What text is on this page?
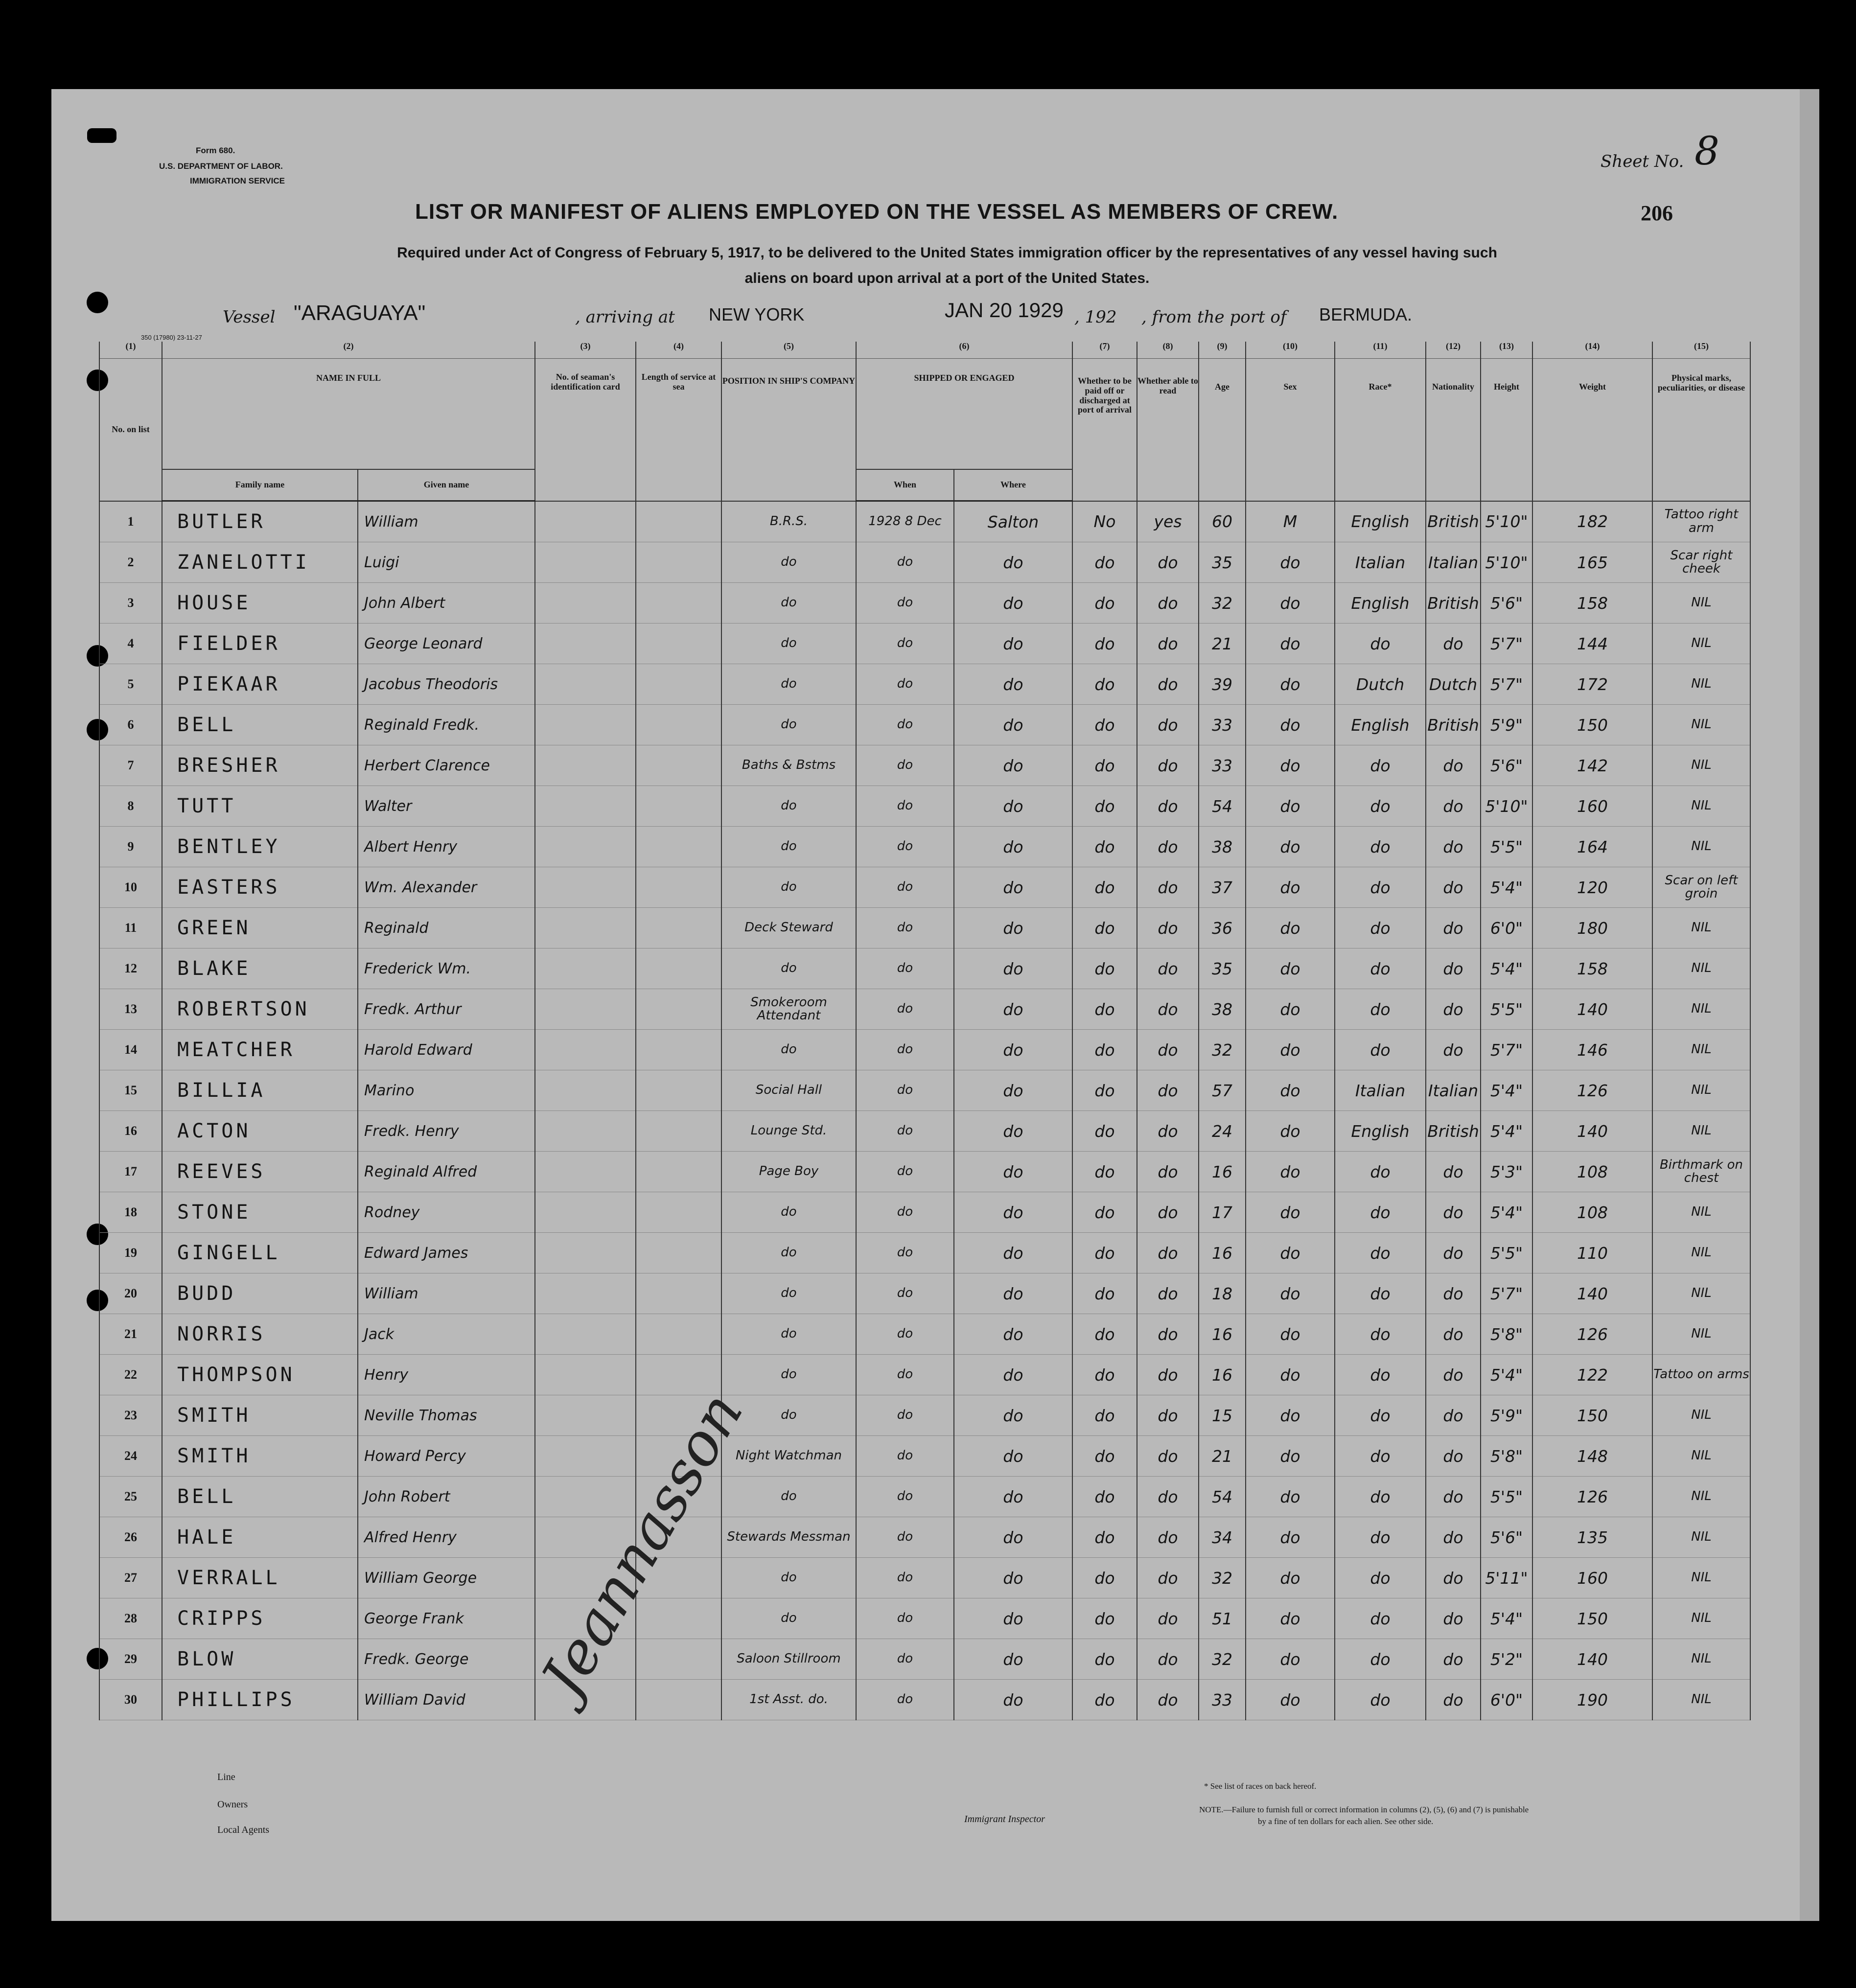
Form 680.
U.S. DEPARTMENT OF LABOR.
IMMIGRATION SERVICE
350 (17980) 23-11-27
Sheet No. 8
206
LIST OR MANIFEST OF ALIENS EMPLOYED ON THE VESSEL AS MEMBERS OF CREW.
Required under Act of Congress of February 5, 1917, to be delivered to the United States immigration officer by the representatives of any vessel having such
aliens on board upon arrival at a port of the United States.
Vessel "ARAGUAYA"	, arriving at NEW YORK	JAN 20 1929 , 192 , from the port of BERMUDA.
(1)	(2)		(3)	(4)	(5)	(6)		(7)	(8)	(9)	(10)	(11)	(12)	(13)	(14)	(15)
No. on list	NAME IN FULL		No. of seaman's identification card	Length of service at sea	POSITION IN SHIP'S COMPANY	SHIPPED OR ENGAGED		Whether to be paid off or discharged at port of arrival	Whether able to read	Age	Sex	Race*	Nationality	Height	Weight	Physical marks, peculiarities, or disease
	Family name	Given name				When	Where									
1	BUTLER	William			B.R.S.	1928 8 Dec	Salton	No	yes	60	M	English	British	5'10"	182	Tattoo right arm
2	ZANELOTTI	Luigi			do	do	do	do	do	35	do	Italian	Italian	5'10"	165	Scar right cheek
3	HOUSE	John Albert			do	do	do	do	do	32	do	English	British	5'6"	158	NIL
4	FIELDER	George Leonard			do	do	do	do	do	21	do	do	do	5'7"	144	NIL
5	PIEKAAR	Jacobus Theodoris			do	do	do	do	do	39	do	Dutch	Dutch	5'7"	172	NIL
6	BELL	Reginald Fredk.			do	do	do	do	do	33	do	English	British	5'9"	150	NIL
7	BRESHER	Herbert Clarence			Baths & Bstms	do	do	do	do	33	do	do	do	5'6"	142	NIL
8	TUTT	Walter			do	do	do	do	do	54	do	do	do	5'10"	160	NIL
9	BENTLEY	Albert Henry			do	do	do	do	do	38	do	do	do	5'5"	164	NIL
10	EASTERS	Wm. Alexander			do	do	do	do	do	37	do	do	do	5'4"	120	Scar on left groin
11	GREEN	Reginald			Deck Steward	do	do	do	do	36	do	do	do	6'0"	180	NIL
12	BLAKE	Frederick Wm.			do	do	do	do	do	35	do	do	do	5'4"	158	NIL
13	ROBERTSON	Fredk. Arthur			Smokeroom Attendant	do	do	do	do	38	do	do	do	5'5"	140	NIL
14	MEATCHER	Harold Edward			do	do	do	do	do	32	do	do	do	5'7"	146	NIL
15	BILLIA	Marino			Social Hall	do	do	do	do	57	do	Italian	Italian	5'4"	126	NIL
16	ACTON	Fredk. Henry			Lounge Std.	do	do	do	do	24	do	English	British	5'4"	140	NIL
17	REEVES	Reginald Alfred			Page Boy	do	do	do	do	16	do	do	do	5'3"	108	Birthmark on chest
18	STONE	Rodney			do	do	do	do	do	17	do	do	do	5'4"	108	NIL
19	GINGELL	Edward James			do	do	do	do	do	16	do	do	do	5'5"	110	NIL
20	BUDD	William			do	do	do	do	do	18	do	do	do	5'7"	140	NIL
21	NORRIS	Jack			do	do	do	do	do	16	do	do	do	5'8"	126	NIL
22	THOMPSON	Henry			do	do	do	do	do	16	do	do	do	5'4"	122	Tattoo on arms
23	SMITH	Neville Thomas			do	do	do	do	do	15	do	do	do	5'9"	150	NIL
24	SMITH	Howard Percy			Night Watchman	do	do	do	do	21	do	do	do	5'8"	148	NIL
25	BELL	John Robert			do	do	do	do	do	54	do	do	do	5'5"	126	NIL
26	HALE	Alfred Henry			Stewards Messman	do	do	do	do	34	do	do	do	5'6"	135	NIL
27	VERRALL	William George			do	do	do	do	do	32	do	do	do	5'11"	160	NIL
28	CRIPPS	George Frank			do	do	do	do	do	51	do	do	do	5'4"	150	NIL
29	BLOW	Fredk. George			Saloon Stillroom	do	do	do	do	32	do	do	do	5'2"	140	NIL
30	PHILLIPS	William David			1st Asst. do.	do	do	do	do	33	do	do	do	6'0"	190	NIL
Line
Owners
Local Agents
Immigrant Inspector
* See list of races on back hereof.
NOTE.—Failure to furnish full or correct information in columns (2), (5), (6) and (7) is punishable
by a fine of ten dollars for each alien. See other side.
Jeannasson
